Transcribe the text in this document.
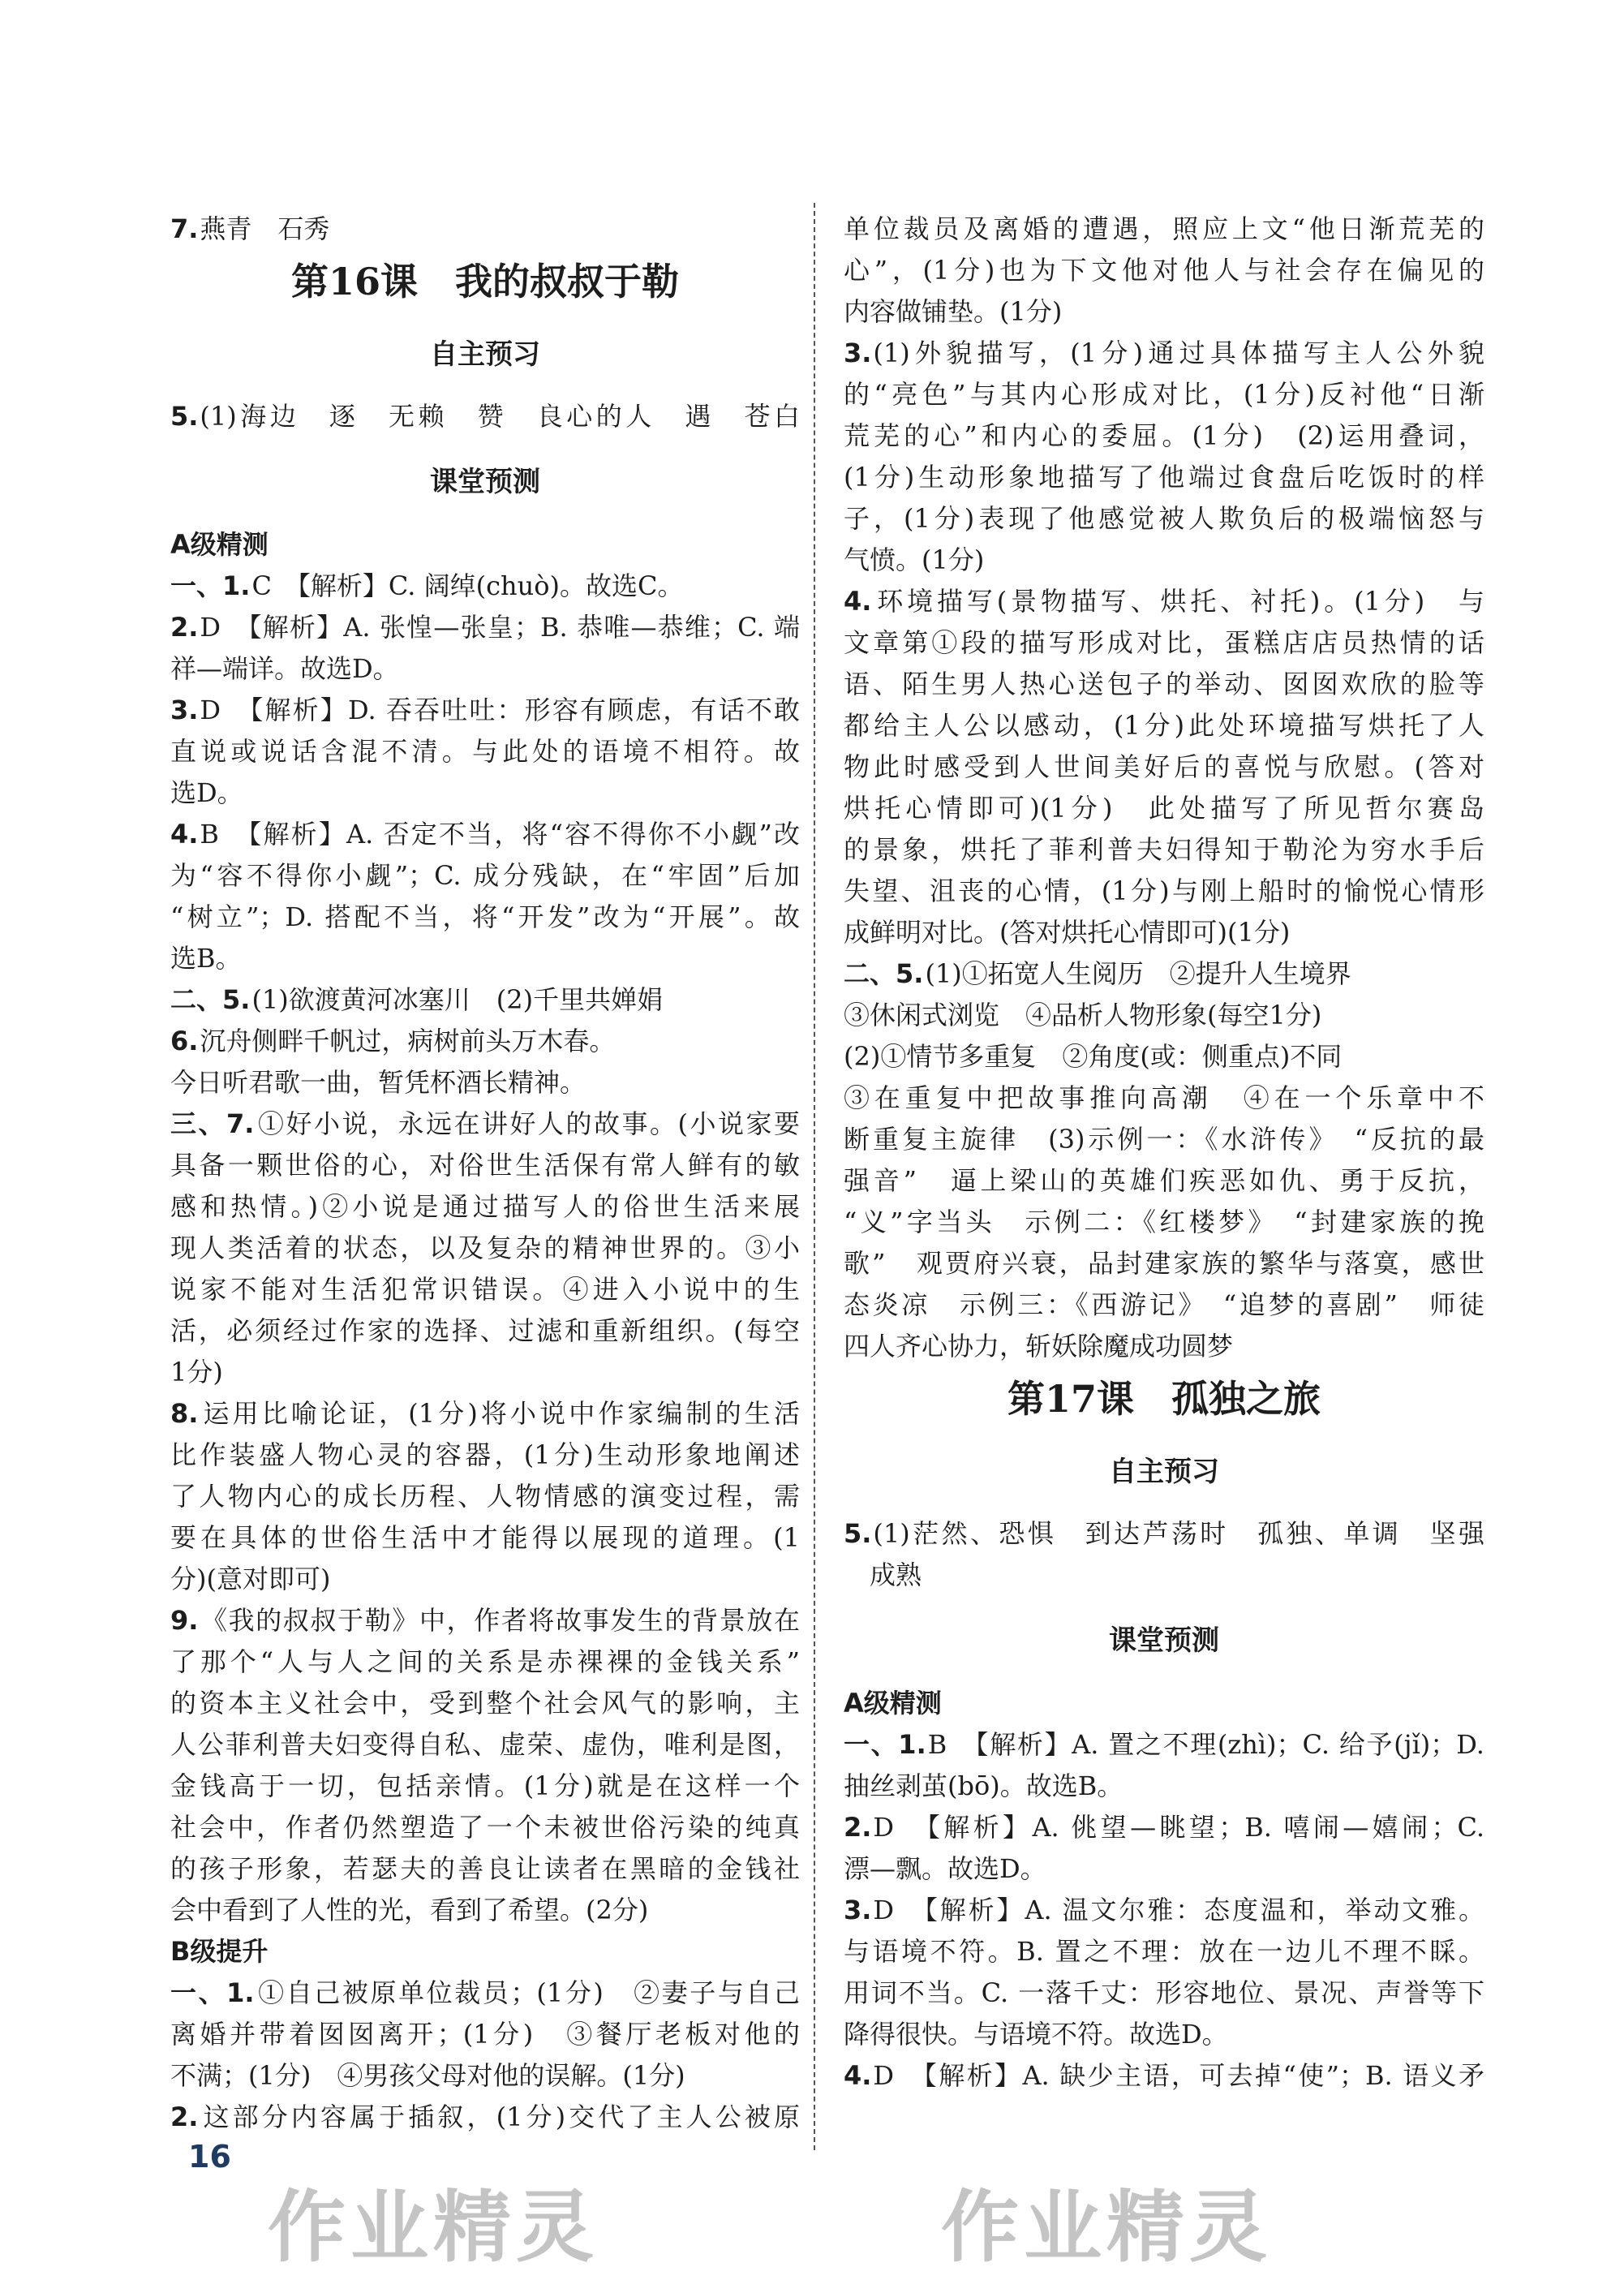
7.燕青　石秀
第16课　我的叔叔于勒
自主预习
5.(1)海边　逐　无赖　赞　良心的人　遇　苍白
课堂预测
A级精测
一、1.C　【解析】C. 阔绰(chuò)。故选C。
2.D　【解析】A. 张惶—张皇；B. 恭唯—恭维；C. 端
祥—端详。故选D。
3.D　【解析】D. 吞吞吐吐：形容有顾虑，有话不敢
直说或说话含混不清。与此处的语境不相符。故
选D。
4.B　【解析】A. 否定不当，将“容不得你不小觑”改
为“容不得你小觑”；C. 成分残缺，在“牢固”后加
“树立”；D. 搭配不当，将“开发”改为“开展”。故
选B。
二、5.(1)欲渡黄河冰塞川　(2)千里共婵娟
6.沉舟侧畔千帆过，病树前头万木春。
今日听君歌一曲，暂凭杯酒长精神。
三、7.①好小说，永远在讲好人的故事。(小说家要
具备一颗世俗的心，对俗世生活保有常人鲜有的敏
感和热情。)②小说是通过描写人的俗世生活来展
现人类活着的状态，以及复杂的精神世界的。③小
说家不能对生活犯常识错误。④进入小说中的生
活，必须经过作家的选择、过滤和重新组织。(每空
1分)
8.运用比喻论证，(1分)将小说中作家编制的生活
比作装盛人物心灵的容器，(1分)生动形象地阐述
了人物内心的成长历程、人物情感的演变过程，需
要在具体的世俗生活中才能得以展现的道理。(1
分)(意对即可)
9.《我的叔叔于勒》中，作者将故事发生的背景放在
了那个“人与人之间的关系是赤裸裸的金钱关系”
的资本主义社会中，受到整个社会风气的影响，主
人公菲利普夫妇变得自私、虚荣、虚伪，唯利是图，
金钱高于一切，包括亲情。(1分)就是在这样一个
社会中，作者仍然塑造了一个未被世俗污染的纯真
的孩子形象，若瑟夫的善良让读者在黑暗的金钱社
会中看到了人性的光，看到了希望。(2分)
B级提升
一、1.①自己被原单位裁员；(1分)　②妻子与自己
离婚并带着囡囡离开；(1分)　③餐厅老板对他的
不满；(1分)　④男孩父母对他的误解。(1分)
2.这部分内容属于插叙，(1分)交代了主人公被原
单位裁员及离婚的遭遇，照应上文“他日渐荒芜的
心”，(1分)也为下文他对他人与社会存在偏见的
内容做铺垫。(1分)
3.(1)外貌描写，(1分)通过具体描写主人公外貌
的“亮色”与其内心形成对比，(1分)反衬他“日渐
荒芜的心”和内心的委屈。(1分)　(2)运用叠词，
(1分)生动形象地描写了他端过食盘后吃饭时的样
子，(1分)表现了他感觉被人欺负后的极端恼怒与
气愤。(1分)
4.环境描写(景物描写、烘托、衬托)。(1分)　与
文章第①段的描写形成对比，蛋糕店店员热情的话
语、陌生男人热心送包子的举动、囡囡欢欣的脸等
都给主人公以感动，(1分)此处环境描写烘托了人
物此时感受到人世间美好后的喜悦与欣慰。(答对
烘托心情即可)(1分)　此处描写了所见哲尔赛岛
的景象，烘托了菲利普夫妇得知于勒沦为穷水手后
失望、沮丧的心情，(1分)与刚上船时的愉悦心情形
成鲜明对比。(答对烘托心情即可)(1分)
二、5.(1)①拓宽人生阅历　②提升人生境界
③休闲式浏览　④品析人物形象(每空1分)
(2)①情节多重复　②角度(或：侧重点)不同
③在重复中把故事推向高潮　④在一个乐章中不
断重复主旋律　(3)示例一：《水浒传》　“反抗的最
强音”　逼上梁山的英雄们疾恶如仇、勇于反抗，
“义”字当头　示例二：《红楼梦》　“封建家族的挽
歌”　观贾府兴衰，品封建家族的繁华与落寞，感世
态炎凉　示例三：《西游记》　“追梦的喜剧”　师徒
四人齐心协力，斩妖除魔成功圆梦
第17课　孤独之旅
自主预习
5.(1)茫然、恐惧　到达芦荡时　孤独、单调　坚强
　成熟
课堂预测
A级精测
一、1.B　【解析】A. 置之不理(zhì)；C. 给予(jǐ)；D.
抽丝剥茧(bō)。故选B。
2.D　【解析】A. 佻望—眺望；B. 嘻闹—嬉闹；C.
漂—飘。故选D。
3.D　【解析】A. 温文尔雅：态度温和，举动文雅。
与语境不符。B. 置之不理：放在一边儿不理不睬。
用词不当。C. 一落千丈：形容地位、景况、声誉等下
降得很快。与语境不符。故选D。
4.D　【解析】A. 缺少主语，可去掉“使”；B. 语义矛
16
作业精灵	作业精灵
